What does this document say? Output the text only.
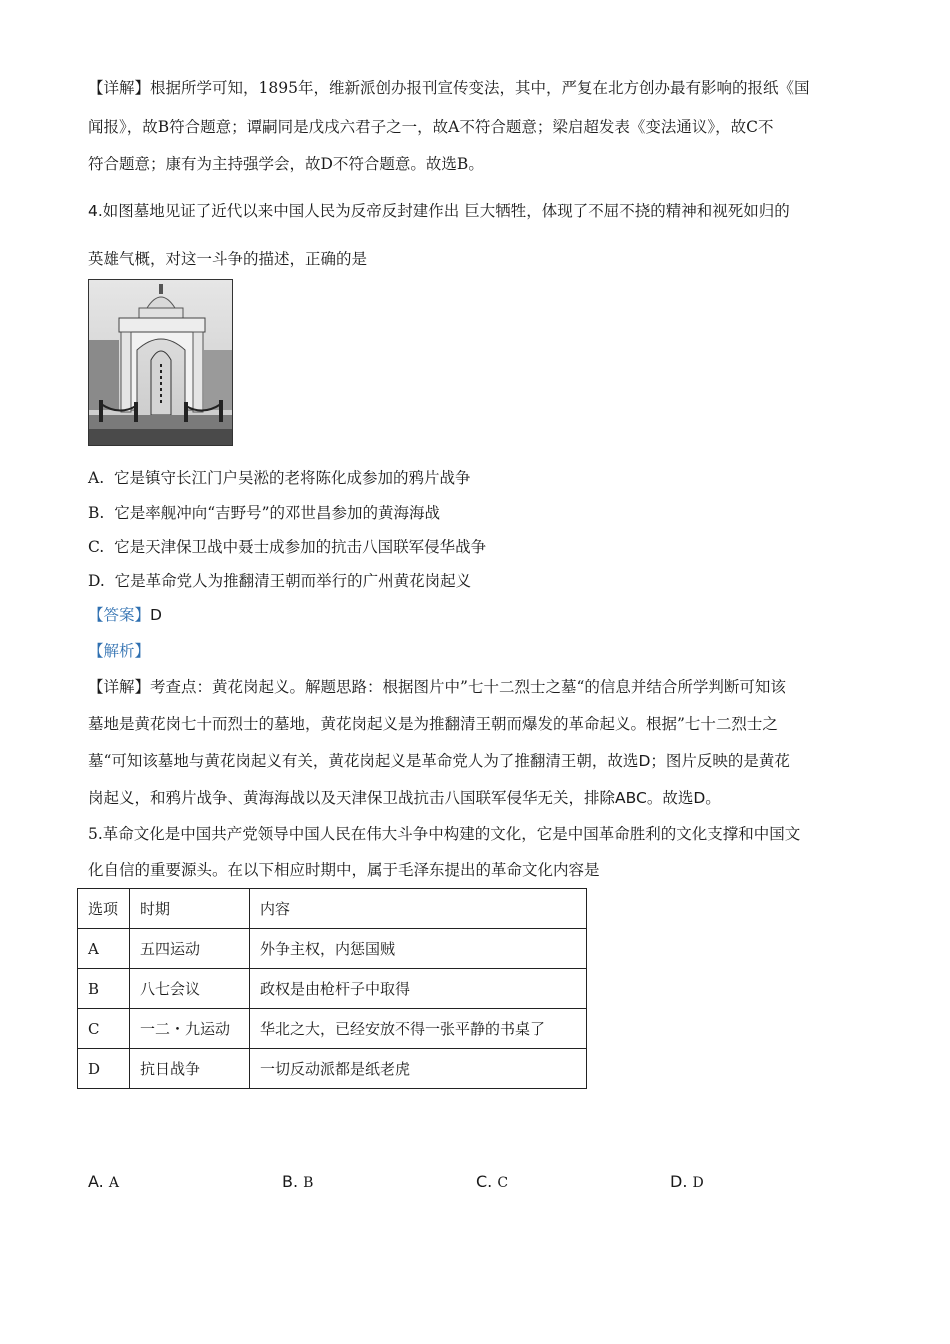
【详解】根据所学可知，1895年，维新派创办报刊宣传变法，其中，严复在北方创办最有影响的报纸《国
闻报》，故B符合题意；谭嗣同是戊戌六君子之一，故A不符合题意；梁启超发表《变法通议》，故C不
符合题意；康有为主持强学会，故D不符合题意。故选B。
4.如图墓地见证了近代以来中国人民为反帝反封建作出 巨大牺牲，体现了不屈不挠的精神和视死如归的
英雄气概，对这一斗争的描述，正确的是
A. 它是镇守长江门户吴淞的老将陈化成参加的鸦片战争
B. 它是率舰冲向“吉野号”的邓世昌参加的黄海海战
C. 它是天津保卫战中聂士成参加的抗击八国联军侵华战争
D. 它是革命党人为推翻清王朝而举行的广州黄花岗起义
【答案】D
【解析】
【详解】考查点：黄花岗起义。解题思路：根据图片中”七十二烈士之墓“的信息并结合所学判断可知该
墓地是黄花岗七十而烈士的墓地，黄花岗起义是为推翻清王朝而爆发的革命起义。根据”七十二烈士之
墓“可知该墓地与黄花岗起义有关，黄花岗起义是革命党人为了推翻清王朝，故选D；图片反映的是黄花
岗起义，和鸦片战争、黄海海战以及天津保卫战抗击八国联军侵华无关，排除ABC。故选D。
5.革命文化是中国共产党领导中国人民在伟大斗争中构建的文化，它是中国革命胜利的文化支撑和中国文
化自信的重要源头。在以下相应时期中，属于毛泽东提出的革命文化内容是
选项	时期	内容
A	五四运动	外争主权，内惩国贼
B	八七会议	政权是由枪杆子中取得
C	一二・九运动	华北之大，已经安放不得一张平静的书桌了
D	抗日战争	一切反动派都是纸老虎
A. A	B. B	C. C	D. D
